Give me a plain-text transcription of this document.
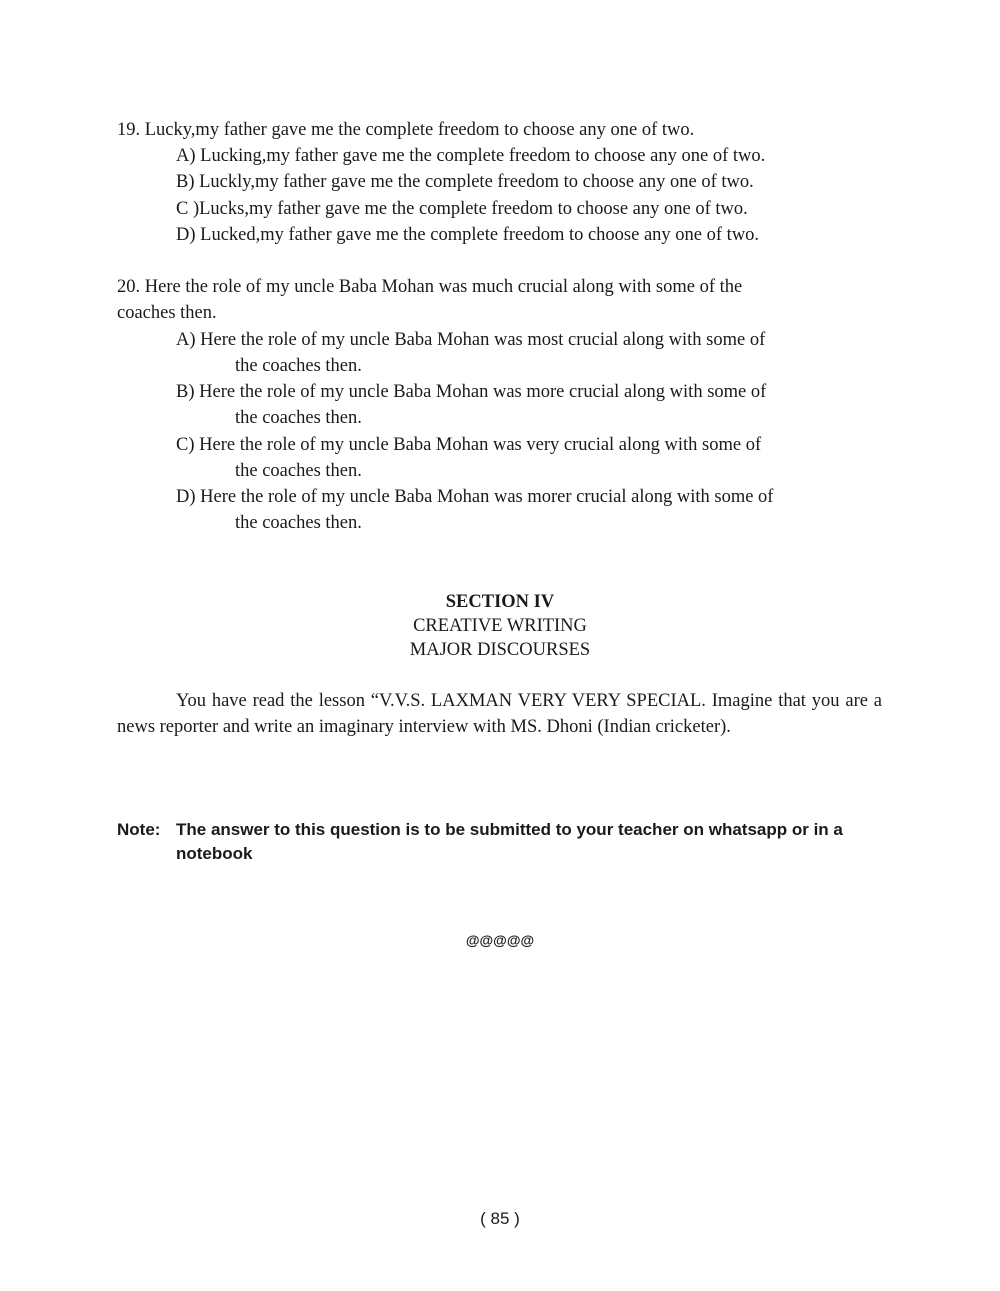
19. Lucky,my father gave me the complete freedom to choose any one of two.
A) Lucking,my father gave me the complete freedom to choose any one of two.
B) Luckly,my father gave me the complete freedom to choose any one of two.
C )Lucks,my father gave me the complete freedom to choose any one of two.
D) Lucked,my father gave me the complete freedom to choose any one of two.
20. Here the role of my uncle Baba Mohan was much crucial along with some of the
coaches then.
A) Here the role of my uncle Baba Mohan was most crucial along with some of
the coaches then.
B) Here the role of my uncle Baba Mohan was more crucial along with some of
the coaches then.
C) Here the role of my uncle Baba Mohan was very crucial along with some of
the coaches then.
D) Here the role of my uncle Baba Mohan was morer crucial along with some of
the coaches then.
SECTION IV
CREATIVE WRITING
MAJOR DISCOURSES
You have read the lesson “V.V.S. LAXMAN VERY VERY SPECIAL. Imagine that you are a news reporter and write an imaginary interview with MS. Dhoni (Indian cricketer).
Note: The answer to this question is to be submitted to your teacher on whatsapp or in a notebook
@@@@@
( 85 )
